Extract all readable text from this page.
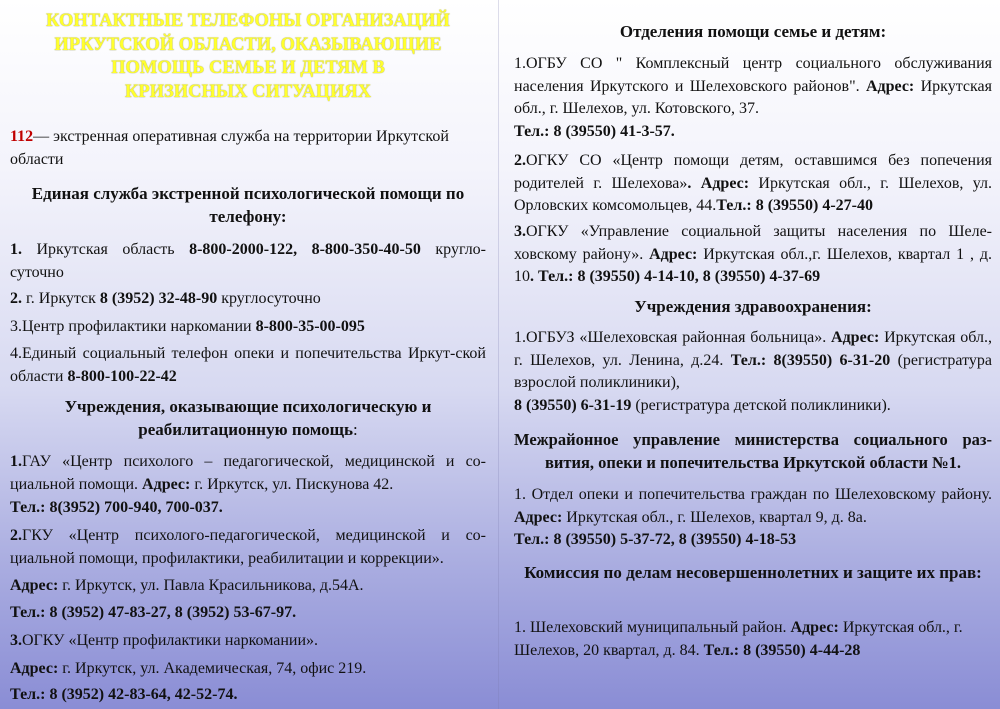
КОНТАКТНЫЕ ТЕЛЕФОНЫ ОРГАНИЗАЦИЙ

ИРКУТСКОЙ ОБЛАСТИ, ОКАЗЫВАЮЩИЕ

ПОМОЩЬ СЕМЬЕ И ДЕТЯМ В

КРИЗИСНЫХ СИТУАЦИЯХ

112— экстренная оперативная служба на территории Иркутской области

Единая служба экстренной психологической помощи по телефону:

1. Иркутская область 8-800-2000-122, 8-800-350-40-50 кругло-суточно

2. г. Иркутск 8 (3952) 32-48-90 круглосуточно

3.Центр профилактики наркомании 8-800-35-00-095

4.Единый социальный телефон опеки и попечительства Иркут-ской области 8-800-100-22-42

Учреждения, оказывающие психологическую и реабилитационную помощь:

1.ГАУ «Центр психолого – педагогической, медицинской и со-циальной помощи. Адрес: г. Иркутск, ул. Пискунова 42.

Тел.: 8(3952) 700-940, 700-037.

2.ГКУ «Центр психолого-педагогической, медицинской и со-циальной помощи, профилактики, реабилитации и коррекции».

Адрес: г. Иркутск, ул. Павла Красильникова, д.54А.

Тел.: 8 (3952) 47-83-27, 8 (3952) 53-67-97.

3.ОГКУ «Центр профилактики наркомании».

Адрес: г. Иркутск, ул. Академическая, 74, офис 219.

Тел.: 8 (3952) 42-83-64, 42-52-74.

Отделения помощи семье и детям:

1.ОГБУ СО " Комплексный центр социального обслуживания населения Иркутского и Шелеховского районов". Адрес: Иркутская обл., г. Шелехов, ул. Котовского, 37.
Тел.: 8 (39550) 41-3-57.

2.ОГКУ СО «Центр помощи детям, оставшимся без попечения родителей г. Шелехова». Адрес: Иркутская обл., г. Шелехов, ул. Орловских комсомольцев, 44.Тел.: 8 (39550) 4-27-40

3.ОГКУ «Управление социальной защиты населения по Шеле-ховскому району». Адрес: Иркутская обл.,г. Шелехов, квартал 1 , д. 10. Тел.: 8 (39550) 4-14-10, 8 (39550) 4-37-69

Учреждения здравоохранения:

1.ОГБУЗ «Шелеховская районная больница». Адрес: Иркутская обл., г. Шелехов, ул. Ленина, д.24. Тел.: 8(39550) 6-31-20 (регистратура взрослой поликлиники),
8 (39550) 6-31-19 (регистратура детской поликлиники).

Межрайонное управление министерства социального раз-вития, опеки и попечительства Иркутской области №1.

1. Отдел опеки и попечительства граждан по Шелеховскому району. Адрес: Иркутская обл., г. Шелехов, квартал 9, д. 8а.
Тел.: 8 (39550) 5-37-72, 8 (39550) 4-18-53

Комиссия по делам несовершеннолетних и защите их прав:

1. Шелеховский муниципальный район. Адрес: Иркутская обл., г. Шелехов, 20 квартал, д. 84. Тел.: 8 (39550) 4-44-28
